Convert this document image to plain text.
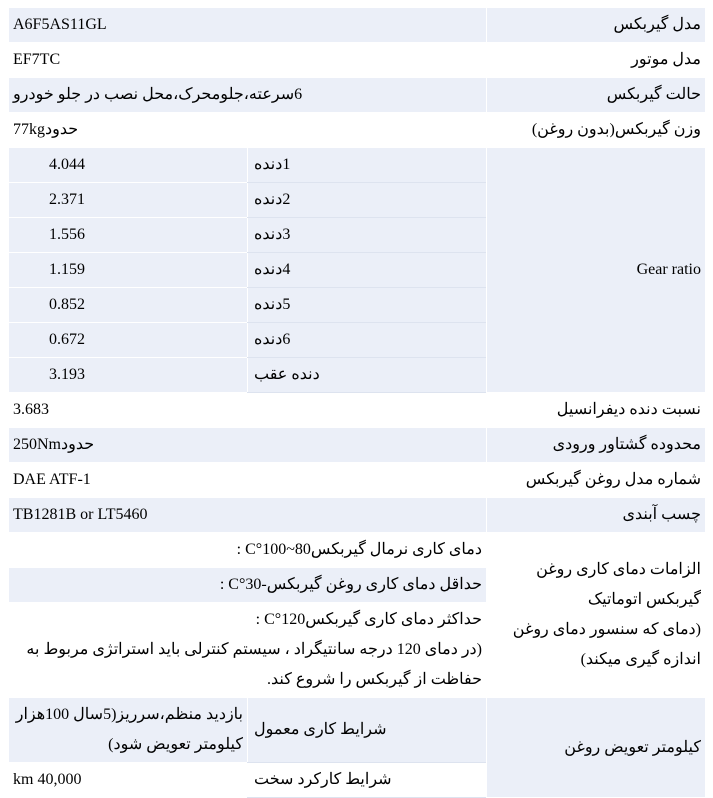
مدل گیربکس	A6F5AS11GL	
مدل موتور	EF7TC	
حالت گیربکس	6سرعته،جلومحرک،محل نصب در جلو خودرو	
وزن گیربکس(بدون روغن)	حدود77kg	
Gear ratio	1دنده	4.044
	2دنده	2.371
	3دنده	1.556
	4دنده	1.159
	5دنده	0.852
	6دنده	0.672
	دنده عقب	3.193
نسبت دنده دیفرانسیل	3.683	
محدوده گشتاور ورودی	حدود250Nm	
شماره مدل روغن گیربکس	DAE ATF-1	
چسب آبندی	TB1281B or LT5460	

الزامات دمای کاری روغن گیربکس اتوماتیک
(دمای که سنسور دمای روغن اندازه گیری میکند)	دمای کاری نرمال گیربکس80~100°C :	
	حداقل دمای کاری روغن گیربکس-30°C :	

	حداکثر دمای کاری گیربکس120°C :
(در دمای 120 درجه سانتیگراد ، سیستم کنترلی باید استراتژی مربوط به حفاظت از گیربکس را شروع کند.	

کیلومتر تعویض روغن	شرایط کاری معمول	بازدید منظم،سرریز(5سال 100هزار کیلومتر تعویض شود)
	شرایط کارکرد سخت	40,000 km
